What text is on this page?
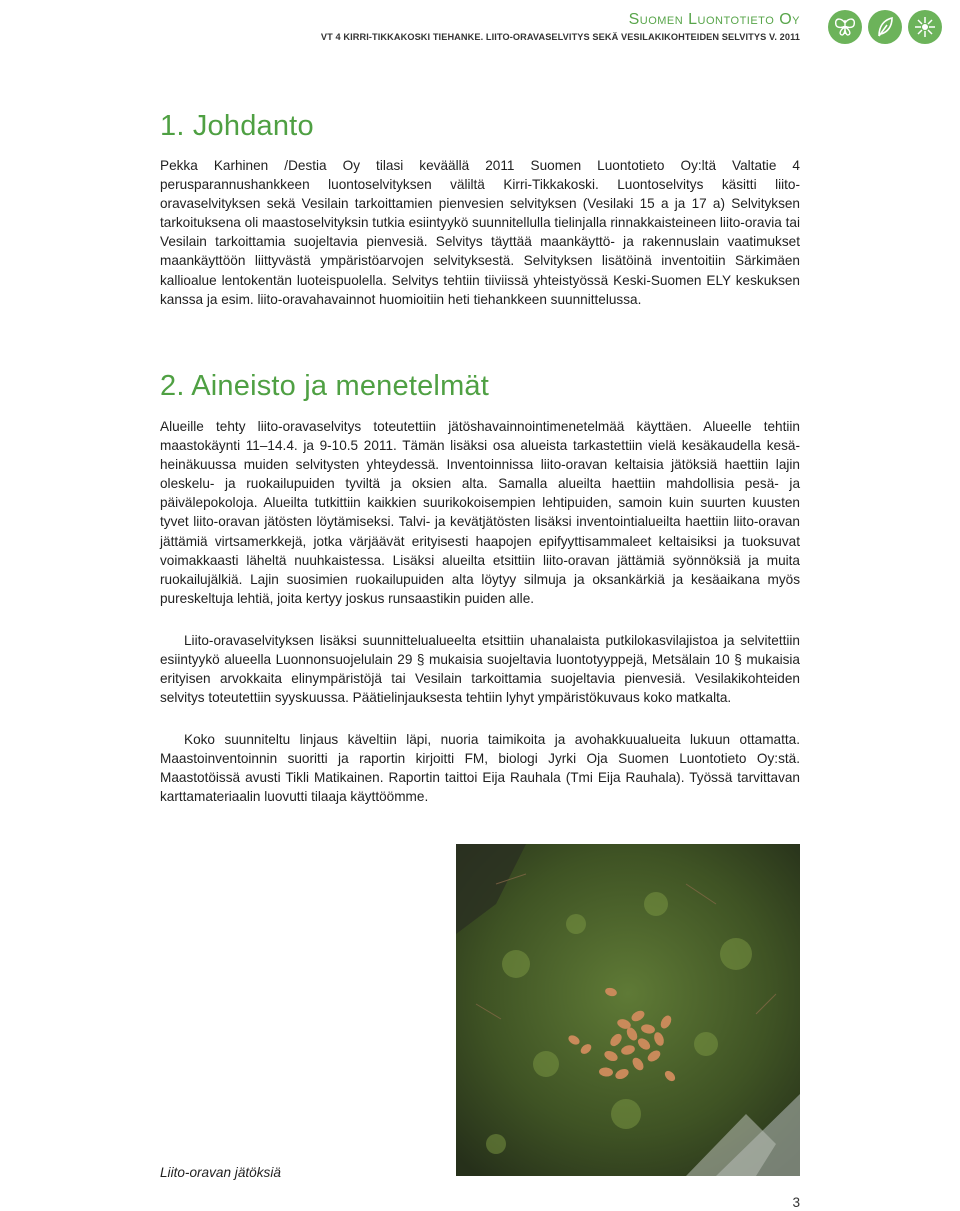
Suomen Luontotieto Oy
VT 4 KIRRI-TIKKAKOSKI TIEHANKE. LIITO-ORAVASELVITYS SEKÄ VESILAKIKOHTEIDEN SELVITYS V. 2011
1. Johdanto

Pekka Karhinen /Destia Oy tilasi keväällä 2011 Suomen Luontotieto Oy:ltä Valtatie 4 perusparannushankkeen luontoselvityksen väliltä Kirri-Tikkakoski. Luontoselvitys käsitti liito-oravaselvityksen sekä Vesilain tarkoittamien pienvesien selvityksen (Vesilaki 15 a ja 17 a) Selvityksen tarkoituksena oli maastoselvityksin tutkia esiintyykö suunnitellulla tielinjalla rinnakkaisteineen liito-oravia tai Vesilain tarkoittamia suojeltavia pienvesiä. Selvitys täyttää maankäyttö- ja rakennuslain vaatimukset maankäyttöön liittyvästä ympäristöarvojen selvityksestä. Selvityksen lisätöinä inventoitiin Särkimäen kallioalue lentokentän luoteispuolella. Selvitys tehtiin tiiviissä yhteistyössä Keski-Suomen ELY keskuksen kanssa ja esim. liito-oravahavainnot huomioitiin heti tiehankkeen suunnittelussa.

2. Aineisto ja menetelmät

Alueille tehty liito-oravaselvitys toteutettiin jätöshavainnointimenetelmää käyttäen. Alueelle tehtiin maastokäynti 11–14.4. ja 9-10.5 2011. Tämän lisäksi osa alueista tarkastettiin vielä kesäkaudella kesä-heinäkuussa muiden selvitysten yhteydessä. Inventoinnissa liito-oravan keltaisia jätöksiä haettiin lajin oleskelu- ja ruokailupuiden tyviltä ja oksien alta. Samalla alueilta haettiin mahdollisia pesä- ja päivälepokoloja. Alueilta tutkittiin kaikkien suurikokoisempien lehtipuiden, samoin kuin suurten kuusten tyvet liito-oravan jätösten löytämiseksi. Talvi- ja kevätjätösten lisäksi inventointialueilta haettiin liito-oravan jättämiä virtsamerkkejä, jotka värjäävät erityisesti haapojen epifyyttisammaleet keltaisiksi ja tuoksuvat voimakkaasti läheltä nuuhkaistessa. Lisäksi alueilta etsittiin liito-oravan jättämiä syönnöksiä ja muita ruokailujälkiä. Lajin suosimien ruokailupuiden alta löytyy silmuja ja oksankärkiä ja kesäaikana myös pureskeltuja lehtiä, joita kertyy joskus runsaastikin puiden alle.

Liito-oravaselvityksen lisäksi suunnittelualueelta etsittiin uhanalaista putkilokasvilajistoa ja selvitettiin esiintyykö alueella Luonnonsuojelulain 29 § mukaisia suojeltavia luontotyyppejä, Metsälain 10 § mukaisia erityisen arvokkaita elinympäristöjä tai Vesilain tarkoittamia suojeltavia pienvesiä. Vesilakikohteiden selvitys toteutettiin syyskuussa. Päätielinjauksesta tehtiin lyhyt ympäristökuvaus koko matkalta.

Koko suunniteltu linjaus käveltiin läpi, nuoria taimikoita ja avohakkuualueita lukuun ottamatta. Maastoinventoinnin suoritti ja raportin kirjoitti FM, biologi Jyrki Oja Suomen Luontotieto Oy:stä. Maastotöissä avusti Tikli Matikainen. Raportin taittoi Eija Rauhala (Tmi Eija Rauhala). Työssä tarvittavan karttamateriaalin luovutti tilaaja käyttöömme.

Liito-oravan jätöksiä
3
